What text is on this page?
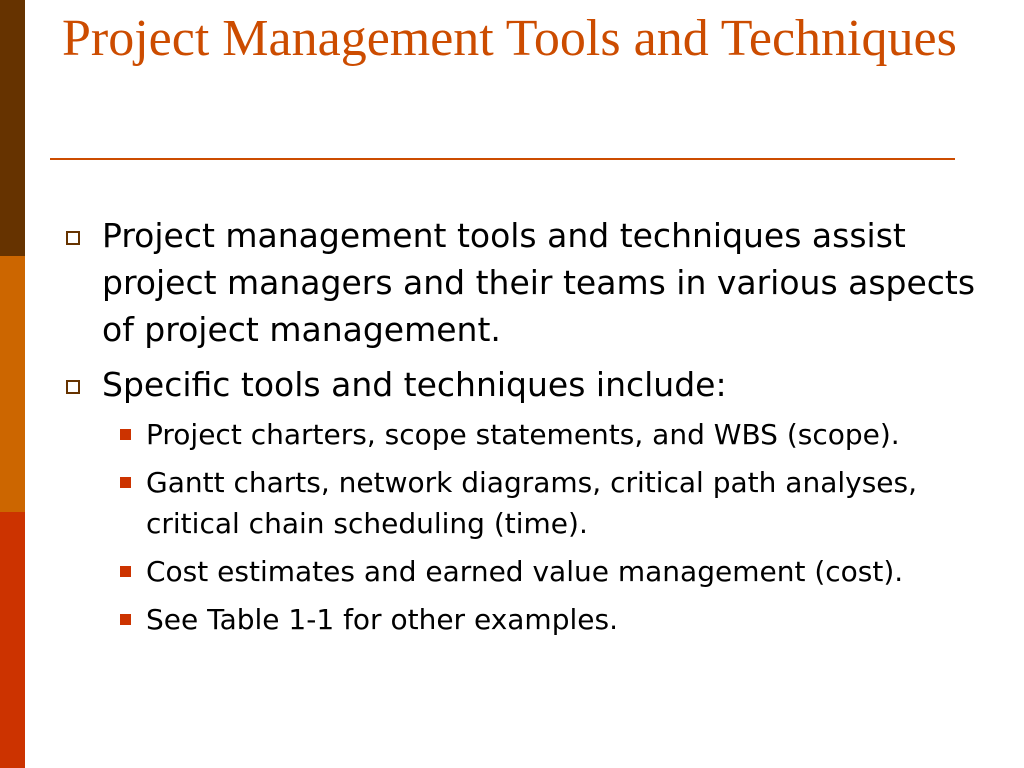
Project Management Tools and Techniques
Project management tools and techniques assist project managers and their teams in various aspects of project management.
Specific tools and techniques include:
Project charters, scope statements, and WBS (scope).
Gantt charts, network diagrams, critical path analyses, critical chain scheduling (time).
Cost estimates and earned value management (cost).
See Table 1-1 for other examples.
